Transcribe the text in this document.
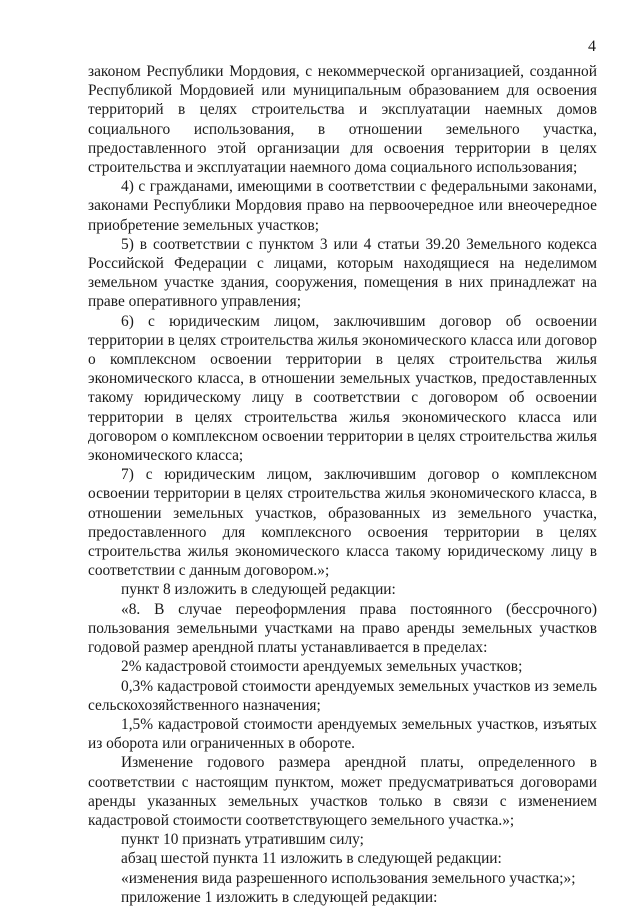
4

законом Республики Мордовия, с некоммерческой организацией, созданной Республикой Мордовией или муниципальным образованием для освоения территорий в целях строительства и эксплуатации наемных домов социального использования, в отношении земельного участка, предоставленного этой организации для освоения территории в целях строительства и эксплуатации наемного дома социального использования;

4) с гражданами, имеющими в соответствии с федеральными законами, законами Республики Мордовия право на первоочередное или внеочередное приобретение земельных участков;

5) в соответствии с пунктом 3 или 4 статьи 39.20 Земельного кодекса Российской Федерации с лицами, которым находящиеся на неделимом земельном участке здания, сооружения, помещения в них принадлежат на праве оперативного управления;

6) с юридическим лицом, заключившим договор об освоении территории в целях строительства жилья экономического класса или договор о комплексном освоении территории в целях строительства жилья экономического класса, в отношении земельных участков, предоставленных такому юридическому лицу в соответствии с договором об освоении территории в целях строительства жилья экономического класса или договором о комплексном освоении территории в целях строительства жилья экономического класса;

7) с юридическим лицом, заключившим договор о комплексном освоении территории в целях строительства жилья экономического класса, в отношении земельных участков, образованных из земельного участка, предоставленного для комплексного освоения территории в целях строительства жилья экономического класса такому юридическому лицу в соответствии с данным договором.»;

пункт 8 изложить в следующей редакции:

«8. В случае переоформления права постоянного (бессрочного) пользования земельными участками на право аренды земельных участков годовой размер арендной платы устанавливается в пределах:

2% кадастровой стоимости арендуемых земельных участков;

0,3% кадастровой стоимости арендуемых земельных участков из земель сельскохозяйственного назначения;

1,5% кадастровой стоимости арендуемых земельных участков, изъятых из оборота или ограниченных в обороте.

Изменение годового размера арендной платы, определенного в соответствии с настоящим пунктом, может предусматриваться договорами аренды указанных земельных участков только в связи с изменением кадастровой стоимости соответствующего земельного участка.»;

пункт 10 признать утратившим силу;

абзац шестой пункта 11 изложить в следующей редакции:

«изменения вида разрешенного использования земельного участка;»;

приложение 1 изложить в следующей редакции:
